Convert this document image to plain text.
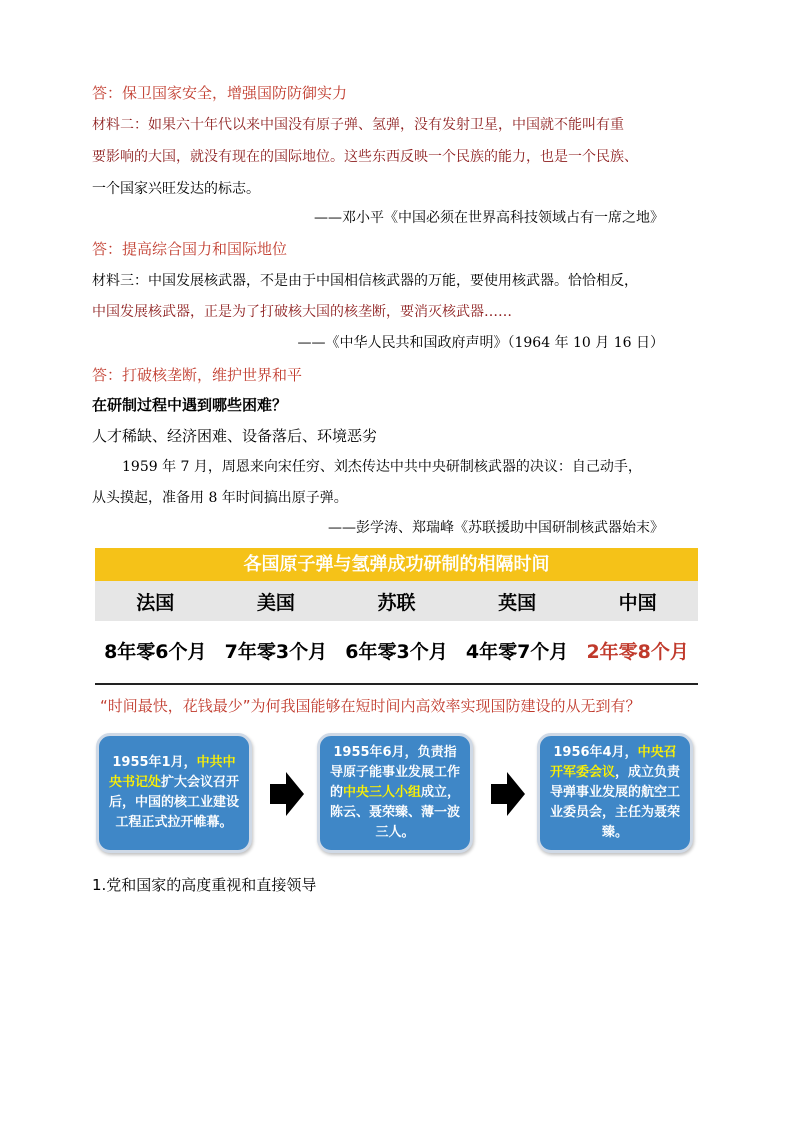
答：保卫国家安全，增强国防防御实力
材料二：如果六十年代以来中国没有原子弹、氢弹，没有发射卫星，中国就不能叫有重
要影响的大国，就没有现在的国际地位。这些东西反映一个民族的能力，也是一个民族、
一个国家兴旺发达的标志。
——邓小平《中国必须在世界高科技领域占有一席之地》
答：提高综合国力和国际地位
材料三：中国发展核武器，不是由于中国相信核武器的万能，要使用核武器。恰恰相反，
中国发展核武器，正是为了打破核大国的核垄断，要消灭核武器……
——《中华人民共和国政府声明》（1964 年 10 月 16 日）
答：打破核垄断，维护世界和平
在研制过程中遇到哪些困难？
人才稀缺、经济困难、设备落后、环境恶劣
1959 年 7 月，周恩来向宋任穷、刘杰传达中共中央研制核武器的决议：自己动手，
从头摸起，准备用 8 年时间搞出原子弹。
——彭学涛、郑瑞峰《苏联援助中国研制核武器始末》
各国原子弹与氢弹成功研制的相隔时间
法国	美国	苏联	英国	中国
8年零6个月 7年零3个月 6年零3个月 4年零7个月 2年零8个月
“时间最快，花钱最少”为何我国能够在短时间内高效率实现国防建设的从无到有？
1955年1月，中共中央书记处扩大会议召开后，中国的核工业建设工程正式拉开帷幕。
1955年6月，负责指导原子能事业发展工作的中央三人小组成立，陈云、聂荣臻、薄一波三人。
1956年4月，中央召开军委会议，成立负责导弹事业发展的航空工业委员会，主任为聂荣臻。
1.党和国家的高度重视和直接领导
